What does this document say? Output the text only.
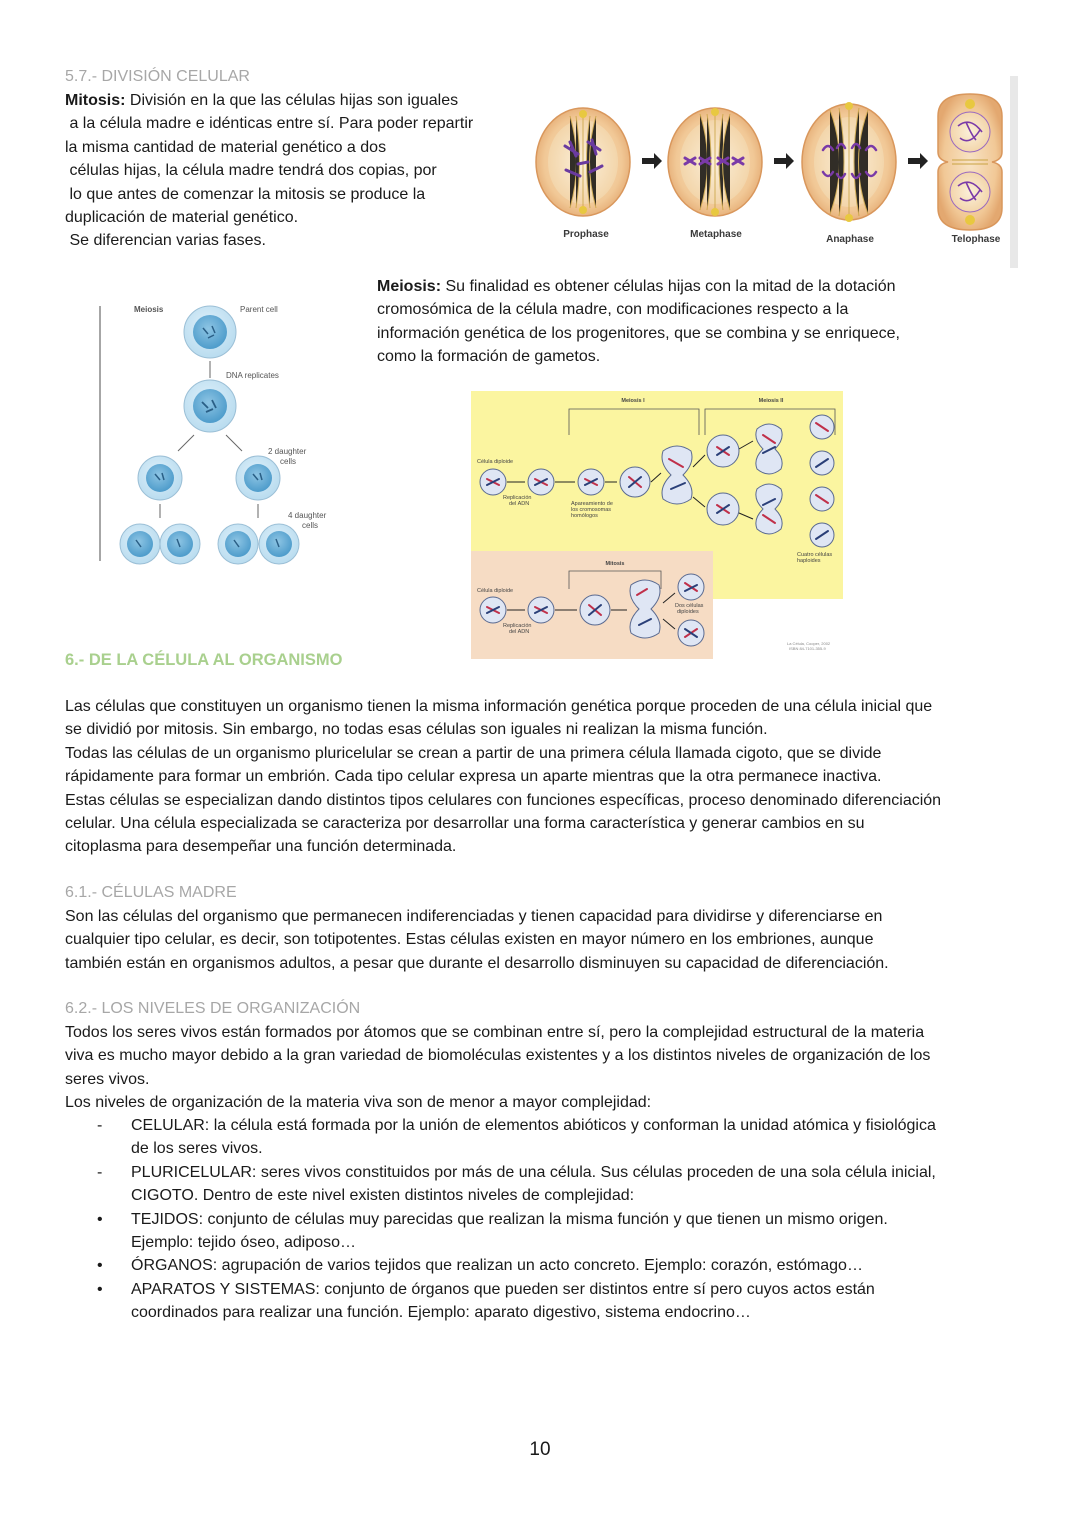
5.7.- DIVISIÓN CELULAR
Mitosis: División en la que las células hijas son iguales
a la célula madre e idénticas entre sí. Para poder repartir
la misma cantidad de material genético a dos
células hijas, la célula madre tendrá dos copias, por
lo que antes de comenzar la mitosis se produce la
duplicación de material genético.
Se diferencian varias fases.	Prophase	Metaphase	Anaphase	Telophase
Meiosis	Parent cell
DNA replicates
2 daughter
cells
4 daughter
cells
Meiosis: Su finalidad es obtener células hijas con la mitad de la dotación
cromosómica de la célula madre, con modificaciones respecto a la
información genética de los progenitores, que se combina y se enriquece,
como la formación de gametos.
Meiosis I	Meiosis II
Célula diploide
Replicación
del ADN	Apareamiento de
los cromosomas
homólogos
Cuatro células
haploides
Mitosis
Célula diploide
Replicación
del ADN
Dos células
diploides
La Célula, Cooper, 2002
ISBN 84-7101-355-9
6.- DE LA CÉLULA AL ORGANISMO
Las células que constituyen un organismo tienen la misma información genética porque proceden de una célula inicial que
se dividió por mitosis. Sin embargo, no todas esas células son iguales ni realizan la misma función.
Todas las células de un organismo pluricelular se crean a partir de una primera célula llamada cigoto, que se divide
rápidamente para formar un embrión. Cada tipo celular expresa un aparte mientras que la otra permanece inactiva.
Estas células se especializan dando distintos tipos celulares con funciones específicas, proceso denominado diferenciación
celular. Una célula especializada se caracteriza por desarrollar una forma característica y generar cambios en su
citoplasma para desempeñar una función determinada.
6.1.- CÉLULAS MADRE
Son las células del organismo que permanecen indiferenciadas y tienen capacidad para dividirse y diferenciarse en
cualquier tipo celular, es decir, son totipotentes. Estas células existen en mayor número en los embriones, aunque
también están en organismos adultos, a pesar que durante el desarrollo disminuyen su capacidad de diferenciación.
6.2.- LOS NIVELES DE ORGANIZACIÓN
Todos los seres vivos están formados por átomos que se combinan entre sí, pero la complejidad estructural de la materia
viva es mucho mayor debido a la gran variedad de biomoléculas existentes y a los distintos niveles de organización de los
seres vivos.
Los niveles de organización de la materia viva son de menor a mayor complejidad:
-	CELULAR: la célula está formada por la unión de elementos abióticos y conforman la unidad atómica y fisiológica
de los seres vivos.
-	PLURICELULAR: seres vivos constituidos por más de una célula. Sus células proceden de una sola célula inicial,
CIGOTO. Dentro de este nivel existen distintos niveles de complejidad:
•	TEJIDOS: conjunto de células muy parecidas que realizan la misma función y que tienen un mismo origen.
Ejemplo: tejido óseo, adiposo…
•	ÓRGANOS: agrupación de varios tejidos que realizan un acto concreto. Ejemplo: corazón, estómago…
•	APARATOS Y SISTEMAS: conjunto de órganos que pueden ser distintos entre sí pero cuyos actos están
coordinados para realizar una función. Ejemplo: aparato digestivo, sistema endocrino…
10
